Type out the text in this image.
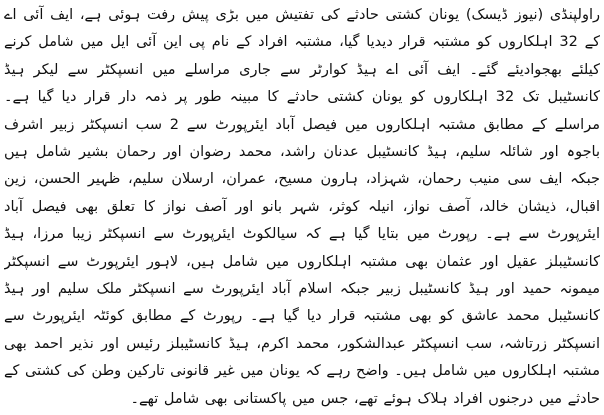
راولپنڈی (نیوز ڈیسک) یونان کشتی حادثے کی تفتیش میں بڑی پیش رفت ہوئی ہے، ایف آئی اے کے 32 اہلکاروں کو مشتبہ قرار دیدیا گیا، مشتبہ افراد کے نام پی این آئی ایل میں شامل کرنے کیلئے بھجوادیئے گئے۔ ایف آئی اے ہیڈ کوارٹر سے جاری مراسلے میں انسپکٹر سے لیکر ہیڈ کانسٹیبل تک 32 اہلکاروں کو یونان کشتی حادثے کا مبینہ طور پر ذمہ دار قرار دیا گیا ہے۔ مراسلے کے مطابق مشتبہ اہلکاروں میں فیصل آباد ایئرپورٹ سے 2 سب انسپکٹر زبیر اشرف باجوہ اور شائلہ سلیم، ہیڈ کانسٹیبل عدنان راشد، محمد رضوان اور رحمان بشیر شامل ہیں جبکہ ایف سی منیب رحمان، شہزاد، ہارون مسیح، عمران، ارسلان سلیم، ظہیر الحسن، زین اقبال، ذیشان خالد، آصف نواز، انیلہ کوثر، شہر بانو اور آصف نواز کا تعلق بھی فیصل آباد ایئرپورٹ سے ہے۔ رپورٹ میں بتایا گیا ہے کہ سیالکوٹ ایئرپورٹ سے انسپکٹر زیبا مرزا، ہیڈ کانسٹیبلز عقیل اور عثمان بھی مشتبہ اہلکاروں میں شامل ہیں، لاہور ایئرپورٹ سے انسپکٹر میمونہ حمید اور ہیڈ کانسٹیبل زبیر جبکہ اسلام آباد ایئرپورٹ سے انسپکٹر ملک سلیم اور ہیڈ کانسٹیبل محمد عاشق کو بھی مشتبہ قرار دیا گیا ہے۔ رپورٹ کے مطابق کوئٹہ ایئرپورٹ سے انسپکٹر زرتاشہ، سب انسپکٹر عبدالشکور، محمد اکرم، ہیڈ کانسٹیبلز رئیس اور نذیر احمد بھی مشتبہ اہلکاروں میں شامل ہیں۔ واضح رہے کہ یونان میں غیر قانونی تارکین وطن کی کشتی کے حادثے میں درجنوں افراد ہلاک ہوئے تھے، جس میں پاکستانی بھی شامل تھے۔
